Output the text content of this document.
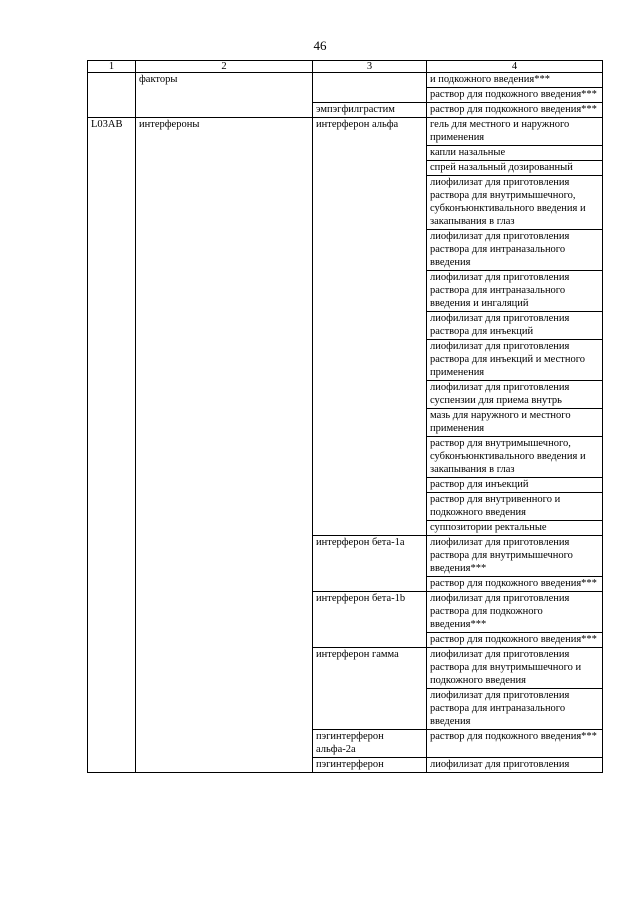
46
1	2	3	4
	факторы		и подкожного введения***
			раствор для подкожного введения***
		эмпэгфилграстим	раствор для подкожного введения***
L03AB	интерфероны	интерферон альфа	гель для местного и наружного применения
			капли назальные
			спрей назальный дозированный
			лиофилизат для приготовления раствора для внутримышечного, субконъюнктивального введения и закапывания в глаз
			лиофилизат для приготовления раствора для интраназального введения
			лиофилизат для приготовления раствора для интраназального введения и ингаляций
			лиофилизат для приготовления раствора для инъекций
			лиофилизат для приготовления раствора для инъекций и местного применения
			лиофилизат для приготовления суспензии для приема внутрь
			мазь для наружного и местного применения
			раствор для внутримышечного, субконъюнктивального введения и закапывания в глаз
			раствор для инъекций
			раствор для внутривенного и подкожного введения
			суппозитории ректальные
		интерферон бета-1a	лиофилизат для приготовления раствора для внутримышечного введения***
			раствор для подкожного введения***
		интерферон бета-1b	лиофилизат для приготовления раствора для подкожного введения***
			раствор для подкожного введения***
		интерферон гамма	лиофилизат для приготовления раствора для внутримышечного и подкожного введения
			лиофилизат для приготовления раствора для интраназального введения
		пэгинтерферон альфа-2a	раствор для подкожного введения***
		пэгинтерферон	лиофилизат для приготовления
